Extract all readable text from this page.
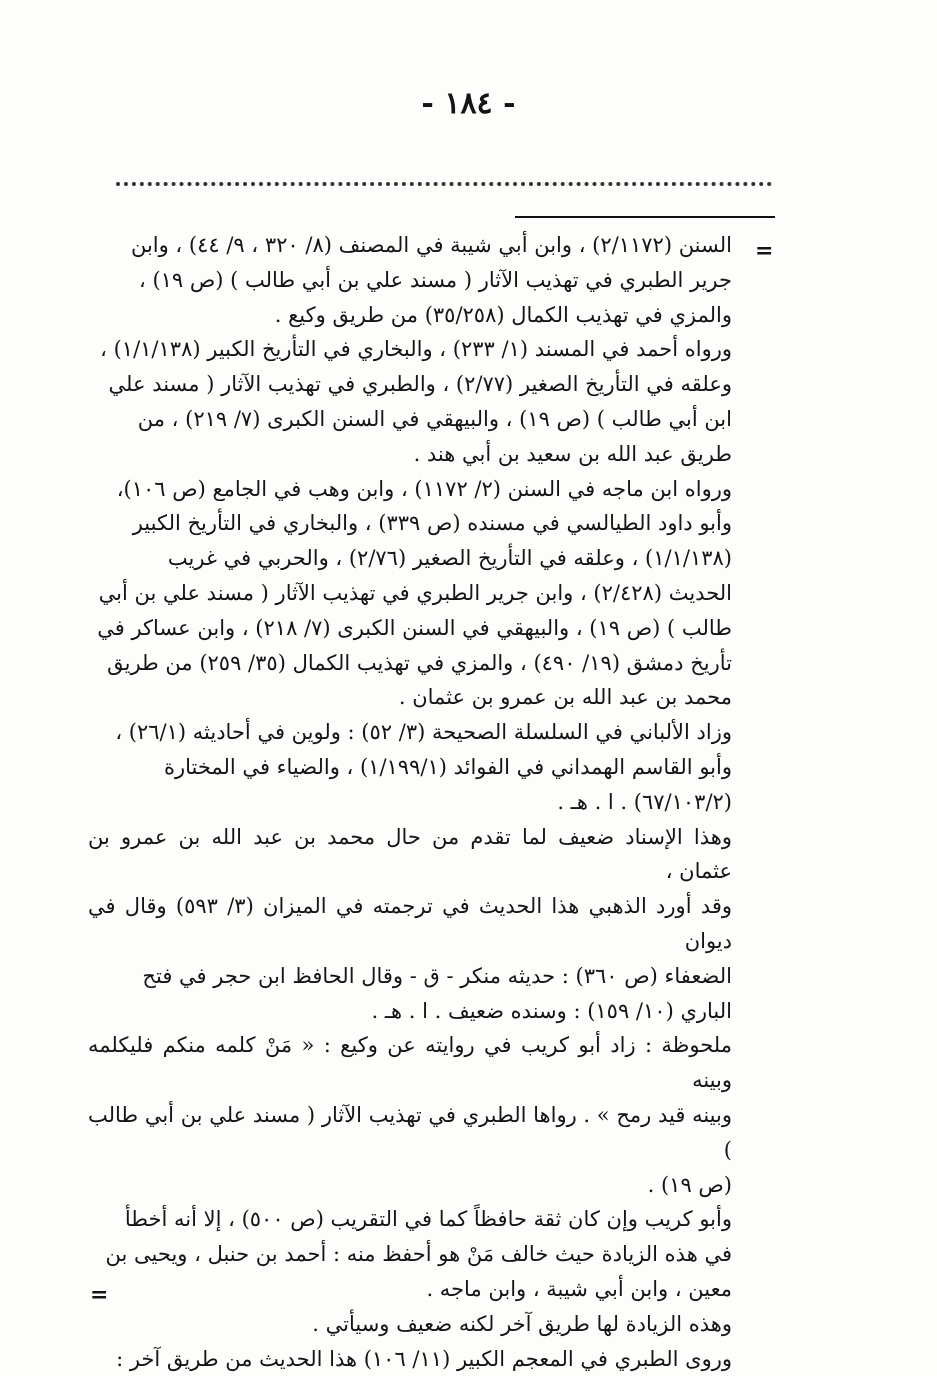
- ١٨٤ -
=

السنن (٢/١١٧٢) ، وابن أبي شيبة في المصنف (٨/ ٣٢٠ ، ٩/ ٤٤) ، وابن

جرير الطبري في تهذيب الآثار ( مسند علي بن أبي طالب ) (ص ١٩) ،

والمزي في تهذيب الكمال (٣٥/٢٥٨) من طريق وكيع .

ورواه أحمد في المسند (١/ ٢٣٣) ، والبخاري في التأريخ الكبير (١/١/١٣٨) ،

وعلقه في التأريخ الصغير (٢/٧٧) ، والطبري في تهذيب الآثار ( مسند علي

ابن أبي طالب ) (ص ١٩) ، والبيهقي في السنن الكبرى (٧/ ٢١٩) ، من

طريق عبد الله بن سعيد بن أبي هند .

ورواه ابن ماجه في السنن (٢/ ١١٧٢) ، وابن وهب في الجامع (ص ١٠٦)،

وأبو داود الطيالسي في مسنده (ص ٣٣٩) ، والبخاري في التأريخ الكبير

(١/١/١٣٨) ، وعلقه في التأريخ الصغير (٢/٧٦) ، والحربي في غريب

الحديث (٢/٤٢٨) ، وابن جرير الطبري في تهذيب الآثار ( مسند علي بن أبي

طالب ) (ص ١٩) ، والبيهقي في السنن الكبرى (٧/ ٢١٨) ، وابن عساكر في

تأريخ دمشق (١٩/ ٤٩٠) ، والمزي في تهذيب الكمال (٣٥/ ٢٥٩) من طريق

محمد بن عبد الله بن عمرو بن عثمان .

وزاد الألباني في السلسلة الصحيحة (٣/ ٥٢) : ولوين في أحاديثه (٢٦/١) ،

وأبو القاسم الهمداني في الفوائد (١/١٩٩/١) ، والضياء في المختارة

(٦٧/١٠٣/٢) . ا . هـ .

وهذا الإسناد ضعيف لما تقدم من حال محمد بن عبد الله بن عمرو بن عثمان ،

وقد أورد الذهبي هذا الحديث في ترجمته في الميزان (٣/ ٥٩٣) وقال في ديوان

الضعفاء (ص ٣٦٠) : حديثه منكر - ق - وقال الحافظ ابن حجر في فتح

الباري (١٠/ ١٥٩) : وسنده ضعيف . ا . هـ .

ملحوظة : زاد أبو كريب في روايته عن وكيع : « مَنْ كلمه منكم فليكلمه وبينه

وبينه قيد رمح » . رواها الطبري في تهذيب الآثار ( مسند علي بن أبي طالب )

(ص ١٩) .

وأبو كريب وإن كان ثقة حافظاً كما في التقريب (ص ٥٠٠) ، إلا أنه أخطأ

في هذه الزيادة حيث خالف مَنْ هو أحفظ منه : أحمد بن حنبل ، ويحيى بن

معين ، وابن أبي شيبة ، وابن ماجه .

وهذه الزيادة لها طريق آخر لكنه ضعيف وسيأتي .

وروى الطبري في المعجم الكبير (١١/ ١٠٦) هذا الحديث من طريق آخر :

=
